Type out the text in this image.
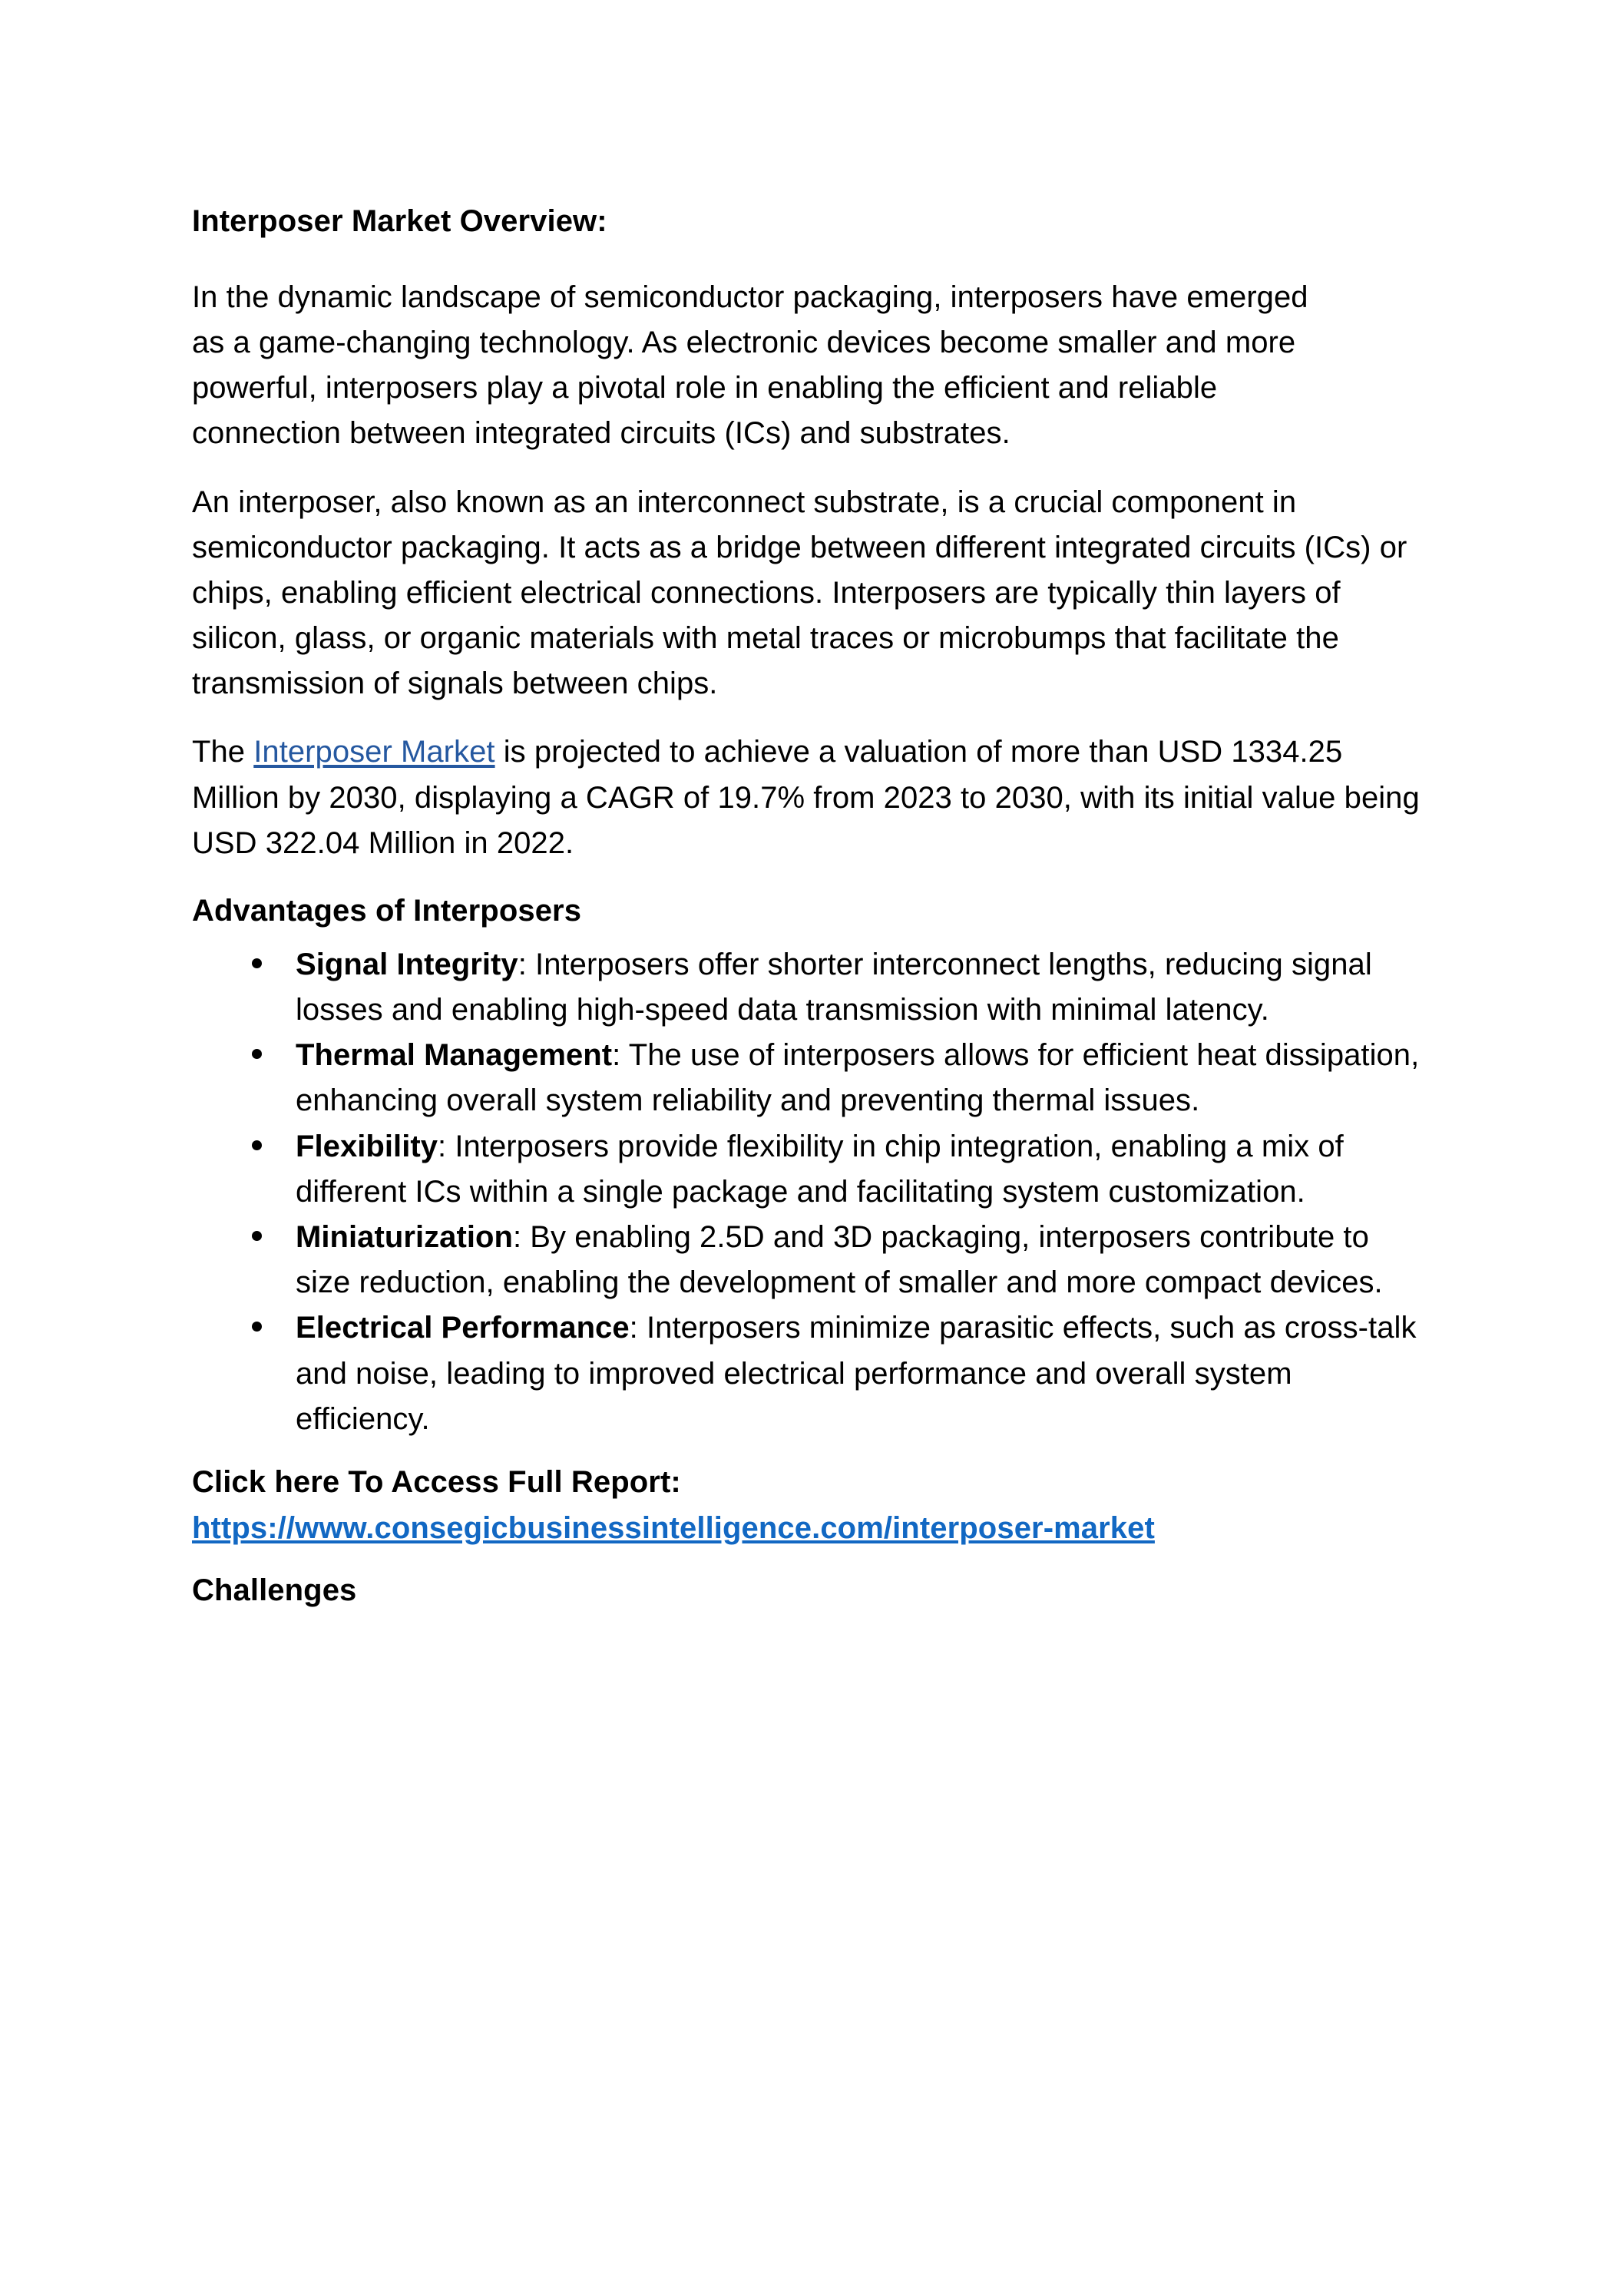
Interposer Market Overview:

In the dynamic landscape of semiconductor packaging, interposers have emerged as a game-changing technology. As electronic devices become smaller and more powerful, interposers play a pivotal role in enabling the efficient and reliable connection between integrated circuits (ICs) and substrates.

An interposer, also known as an interconnect substrate, is a crucial component in semiconductor packaging. It acts as a bridge between different integrated circuits (ICs) or chips, enabling efficient electrical connections. Interposers are typically thin layers of silicon, glass, or organic materials with metal traces or microbumps that facilitate the transmission of signals between chips.

The Interposer Market is projected to achieve a valuation of more than USD 1334.25 Million by 2030, displaying a CAGR of 19.7% from 2023 to 2030, with its initial value being USD 322.04 Million in 2022.

Advantages of Interposers
Signal Integrity: Interposers offer shorter interconnect lengths, reducing signal losses and enabling high-speed data transmission with minimal latency.
Thermal Management: The use of interposers allows for efficient heat dissipation, enhancing overall system reliability and preventing thermal issues.
Flexibility: Interposers provide flexibility in chip integration, enabling a mix of different ICs within a single package and facilitating system customization.
Miniaturization: By enabling 2.5D and 3D packaging, interposers contribute to size reduction, enabling the development of smaller and more compact devices.
Electrical Performance: Interposers minimize parasitic effects, such as cross-talk and noise, leading to improved electrical performance and overall system efficiency.

Click here To Access Full Report:

https://www.consegicbusinessintelligence.com/interposer-market

Challenges
